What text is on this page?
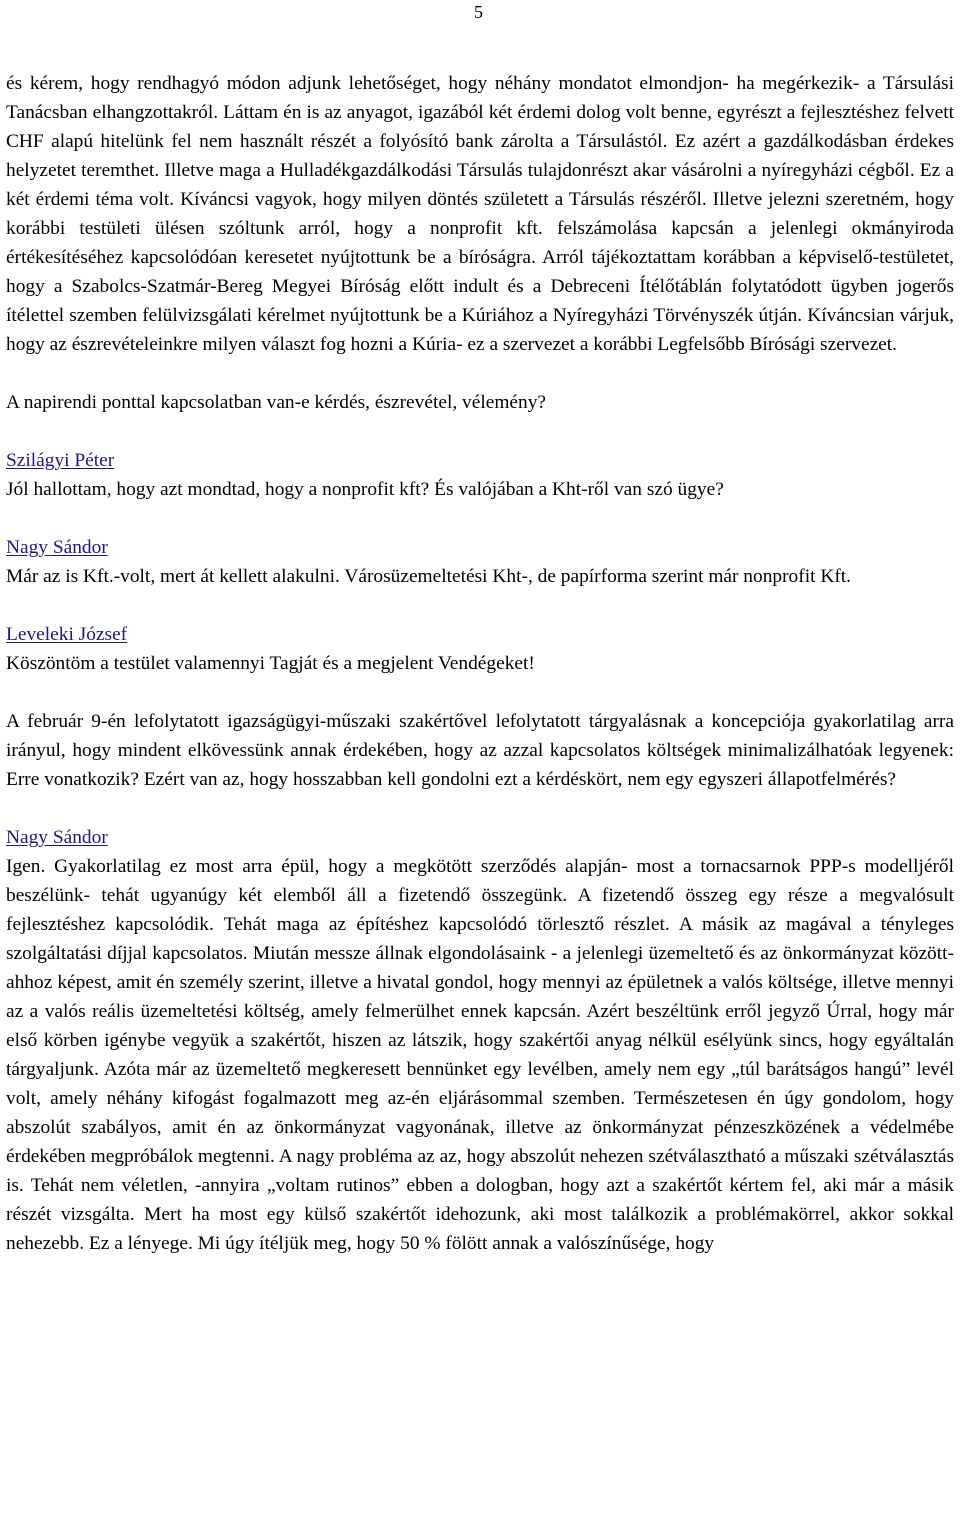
5

és kérem, hogy rendhagyó módon adjunk lehetőséget, hogy néhány mondatot elmondjon- ha megérkezik- a Társulási Tanácsban elhangzottakról. Láttam én is az anyagot, igazából két érdemi dolog volt benne, egyrészt a fejlesztéshez felvett CHF alapú hitelünk fel nem használt részét a folyósító bank zárolta a Társulástól. Ez azért a gazdálkodásban érdekes helyzetet teremthet. Illetve maga a Hulladékgazdálkodási Társulás tulajdonrészt akar vásárolni a nyíregyházi cégből. Ez a két érdemi téma volt. Kíváncsi vagyok, hogy milyen döntés született a Társulás részéről. Illetve jelezni szeretném, hogy korábbi testületi ülésen szóltunk arról, hogy a nonprofit kft. felszámolása kapcsán a jelenlegi okmányiroda értékesítéséhez kapcsolódóan keresetet nyújtottunk be a bíróságra. Arról tájékoztattam korábban a képviselő-testületet, hogy a Szabolcs-Szatmár-Bereg Megyei Bíróság előtt indult és a Debreceni Ítélőtáblán folytatódott ügyben jogerős ítélettel szemben felülvizsgálati kérelmet nyújtottunk be a Kúriához a Nyíregyházi Törvényszék útján. Kíváncsian várjuk, hogy az észrevételeinkre milyen választ fog hozni a Kúria- ez a szervezet a korábbi Legfelsőbb Bírósági szervezet.

A napirendi ponttal kapcsolatban van-e kérdés, észrevétel, vélemény?

Szilágyi Péter

Jól hallottam, hogy azt mondtad, hogy a nonprofit kft? És valójában a Kht-ről van szó ügye?

Nagy Sándor

Már az is Kft.-volt, mert át kellett alakulni. Városüzemeltetési Kht-, de papírforma szerint már nonprofit Kft.

Leveleki József

Köszöntöm a testület valamennyi Tagját és a megjelent Vendégeket!

A február 9-én lefolytatott igazságügyi-műszaki szakértővel lefolytatott tárgyalásnak a koncepciója gyakorlatilag arra irányul, hogy mindent elkövessünk annak érdekében, hogy az azzal kapcsolatos költségek minimalizálhatóak legyenek: Erre vonatkozik? Ezért van az, hogy hosszabban kell gondolni ezt a kérdéskört, nem egy egyszeri állapotfelmérés?

Nagy Sándor

Igen. Gyakorlatilag ez most arra épül, hogy a megkötött szerződés alapján- most a tornacsarnok PPP-s modelljéről beszélünk- tehát ugyanúgy két elemből áll a fizetendő összegünk. A fizetendő összeg egy része a megvalósult fejlesztéshez kapcsolódik. Tehát maga az építéshez kapcsolódó törlesztő részlet. A másik az magával a tényleges szolgáltatási díjjal kapcsolatos. Miután messze állnak elgondolásaink - a jelenlegi üzemeltető és az önkormányzat között- ahhoz képest, amit én személy szerint, illetve a hivatal gondol, hogy mennyi az épületnek a valós költsége, illetve mennyi az a valós reális üzemeltetési költség, amely felmerülhet ennek kapcsán. Azért beszéltünk erről jegyző Úrral, hogy már első körben igénybe vegyük a szakértőt, hiszen az látszik, hogy szakértői anyag nélkül esélyünk sincs, hogy egyáltalán tárgyaljunk. Azóta már az üzemeltető megkeresett bennünket egy levélben, amely nem egy „túl barátságos hangú” levél volt, amely néhány kifogást fogalmazott meg az-én eljárásommal szemben. Természetesen én úgy gondolom, hogy abszolút szabályos, amit én az önkormányzat vagyonának, illetve az önkormányzat pénzeszközének a védelmébe érdekében megpróbálok megtenni. A nagy probléma az az, hogy abszolút nehezen szétválasztható a műszaki szétválasztás is. Tehát nem véletlen, -annyira „voltam rutinos” ebben a dologban, hogy azt a szakértőt kértem fel, aki már a másik részét vizsgálta. Mert ha most egy külső szakértőt idehozunk, aki most találkozik a problémakörrel, akkor sokkal nehezebb. Ez a lényege. Mi úgy ítéljük meg, hogy 50 % fölött annak a valószínűsége, hogy
